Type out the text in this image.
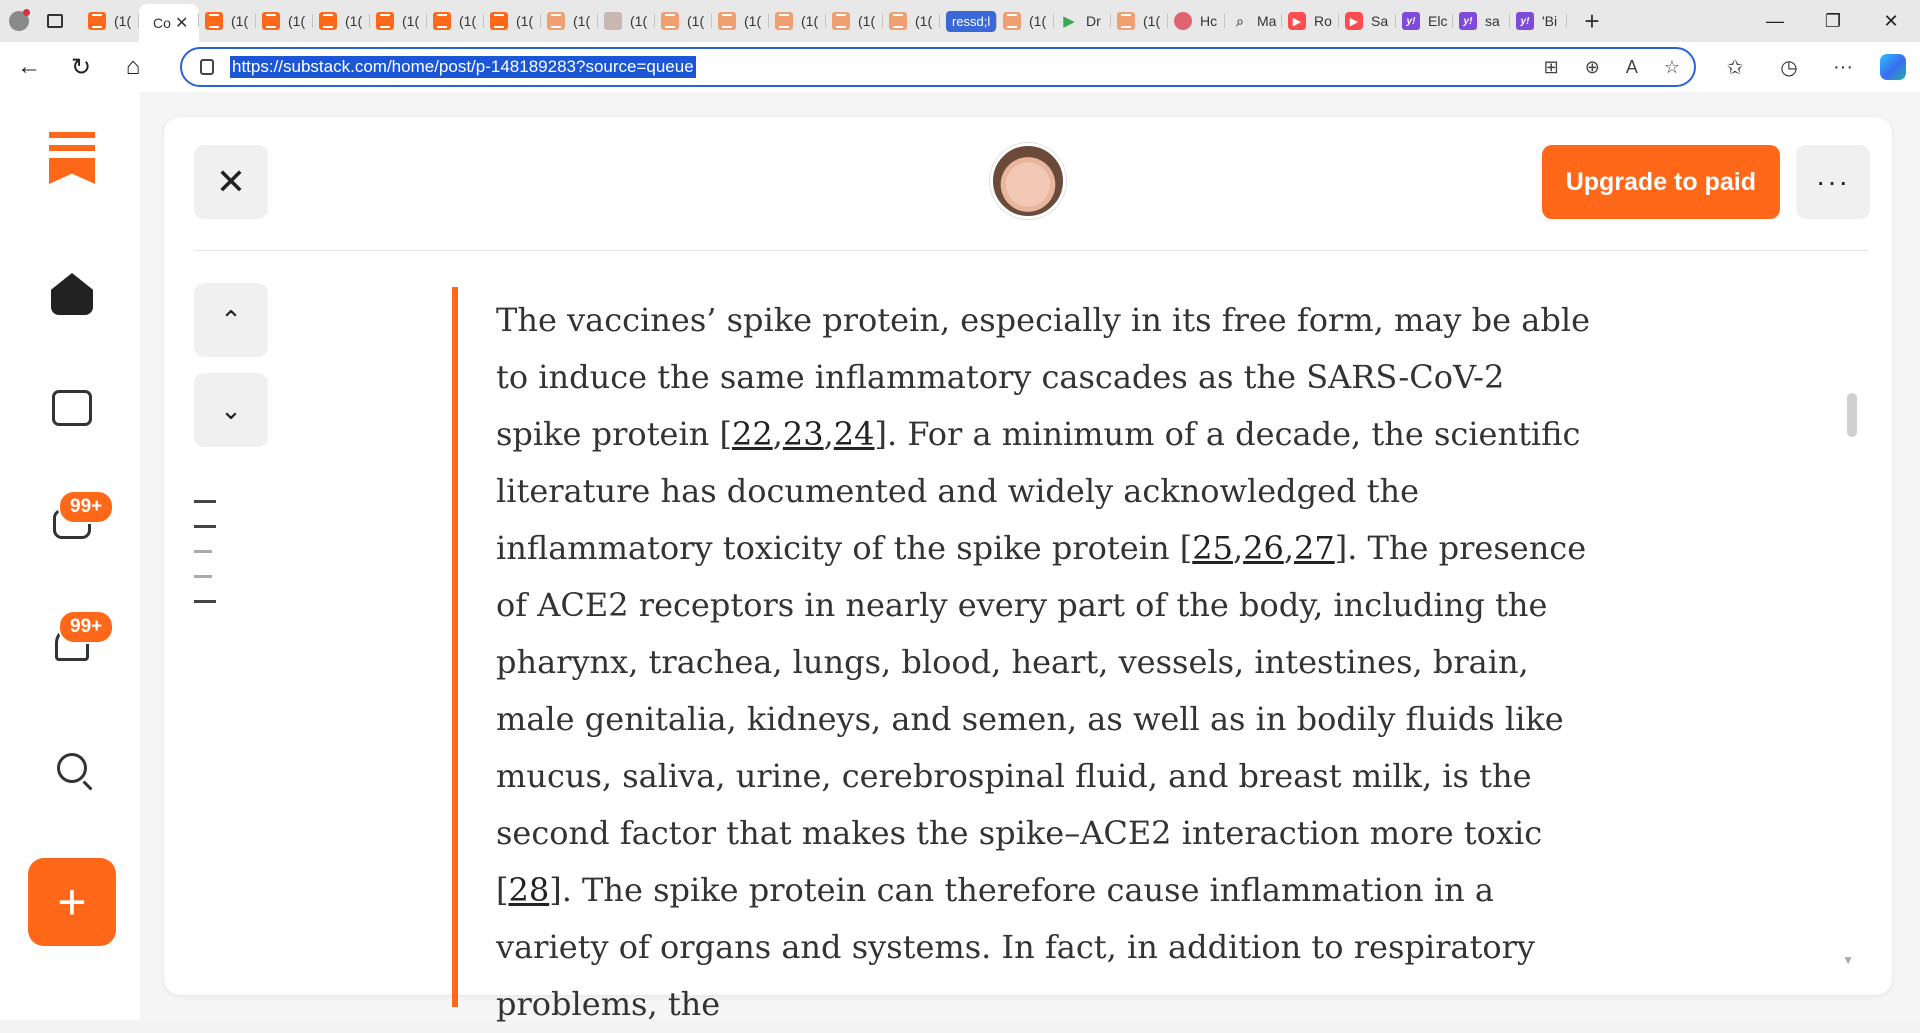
(1(	Co ✕	(1(	(1(	(1(	(1(	(1(	(1(	(1(	(1(	(1(	(1(	(1(	(1(	(1(	ressd;l	(1(	▶ Dr	(1(	Hc	⌕ Ma	▶ Ro	▶ Sa	y! Elc	y! sa	y! 'Bi +	—	❐	✕
←	↻	⌂	https://substack.com/home/post/p-148189283?source=queue	⊞ ⊕ A ☆	✩	◷	···
99+
99+
+
✕	Upgrade to paid	···
⌃
⌄

The vaccines’ spike protein, especially in its free form, may be able to induce the same inflammatory cascades as the SARS-CoV-2 spike protein [22,23,24]. For a minimum of a decade, the scientific literature has documented and widely acknowledged the inflammatory toxicity of the spike protein [25,26,27]. The presence of ACE2 receptors in nearly every part of the body, including the pharynx, trachea, lungs, blood, heart, vessels, intestines, brain, male genitalia, kidneys, and semen, as well as in bodily fluids like mucus, saliva, urine, cerebrospinal fluid, and breast milk, is the second factor that makes the spike–ACE2 interaction more toxic [28]. The spike protein can therefore cause inflammation in a variety of organs and systems. In fact, in addition to respiratory problems, the

▼
